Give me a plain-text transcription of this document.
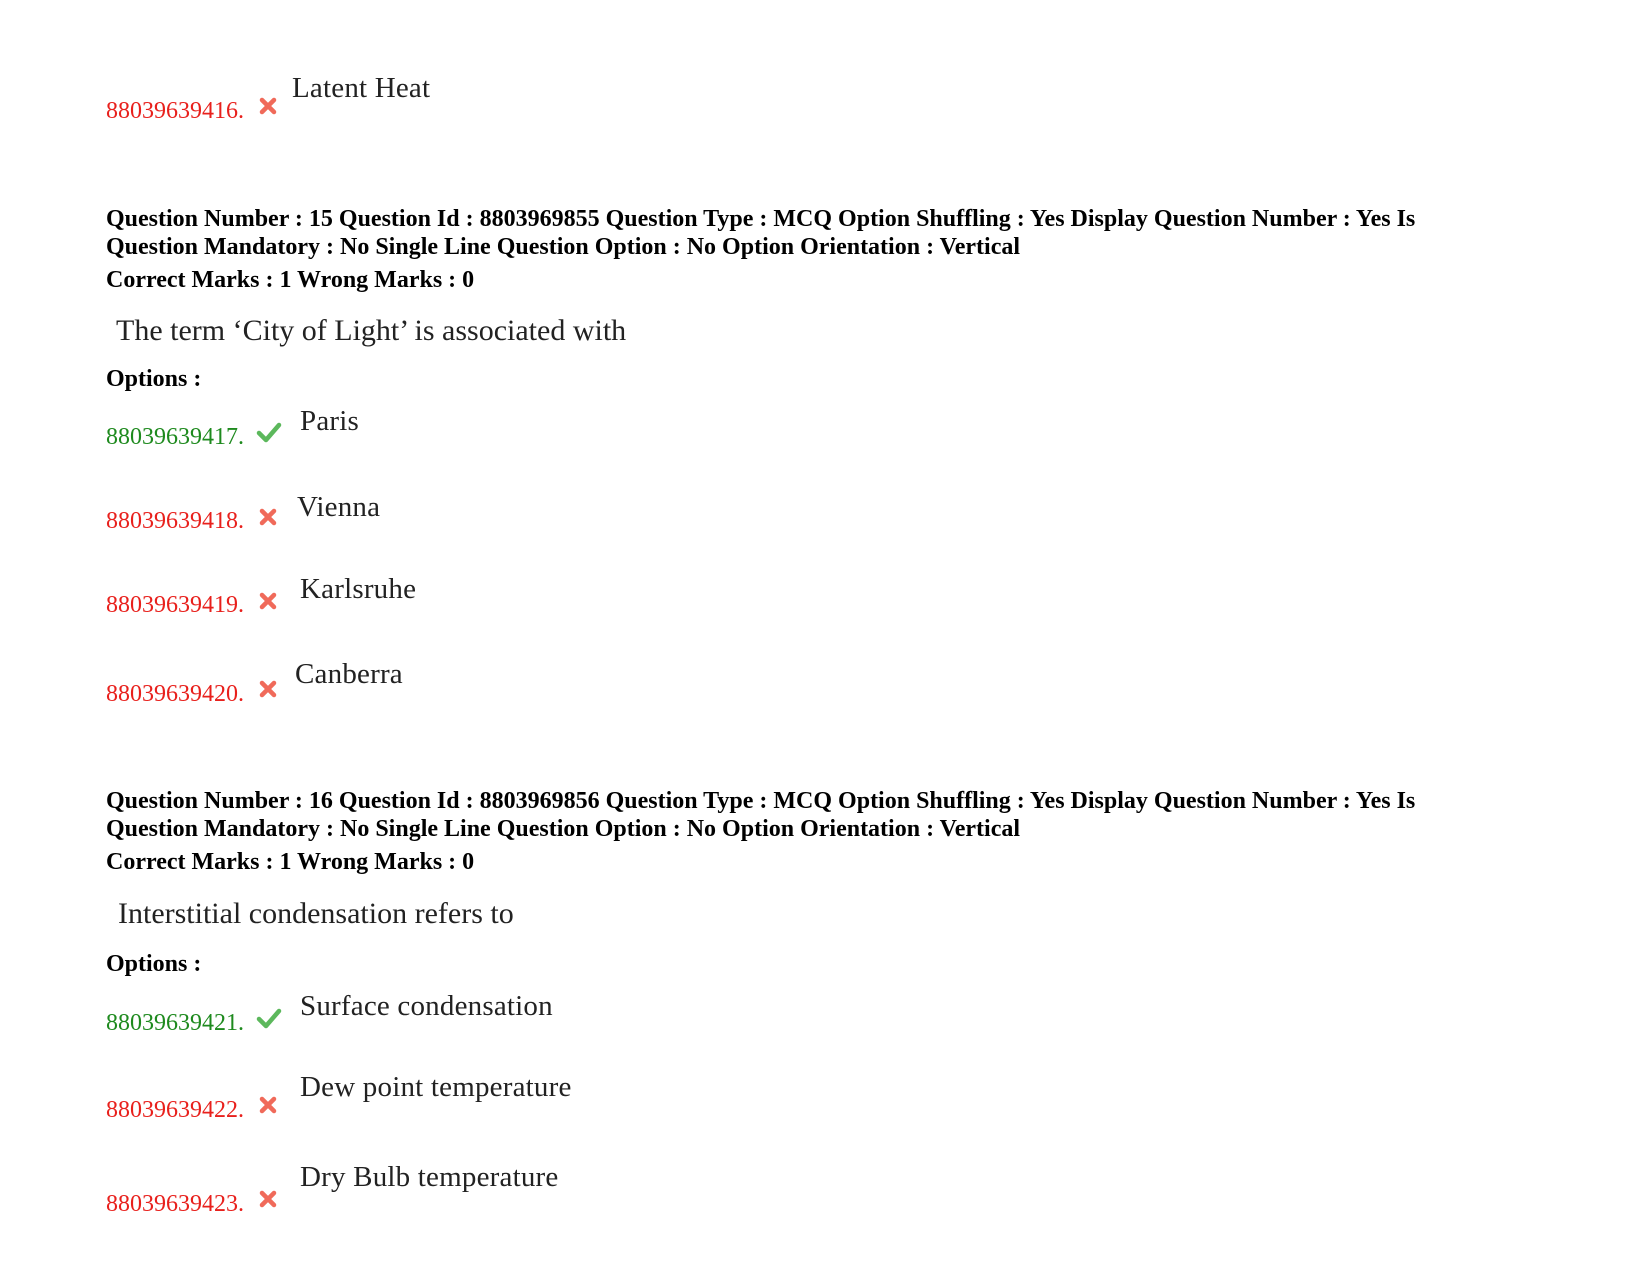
88039639416.
Latent Heat
Question Number : 15 Question Id : 8803969855 Question Type : MCQ Option Shuffling : Yes Display Question Number : Yes Is
Question Mandatory : No Single Line Question Option : No Option Orientation : Vertical
Correct Marks : 1 Wrong Marks : 0
The term ‘City of Light’ is associated with
Options :
88039639417. Paris
88039639418. Vienna
88039639419. Karlsruhe
88039639420.
Canberra
Question Number : 16 Question Id : 8803969856 Question Type : MCQ Option Shuffling : Yes Display Question Number : Yes Is
Question Mandatory : No Single Line Question Option : No Option Orientation : Vertical
Correct Marks : 1 Wrong Marks : 0
Interstitial condensation refers to
Options :
88039639421.
Surface condensation
88039639422.
Dew point temperature
88039639423.
Dry Bulb temperature
